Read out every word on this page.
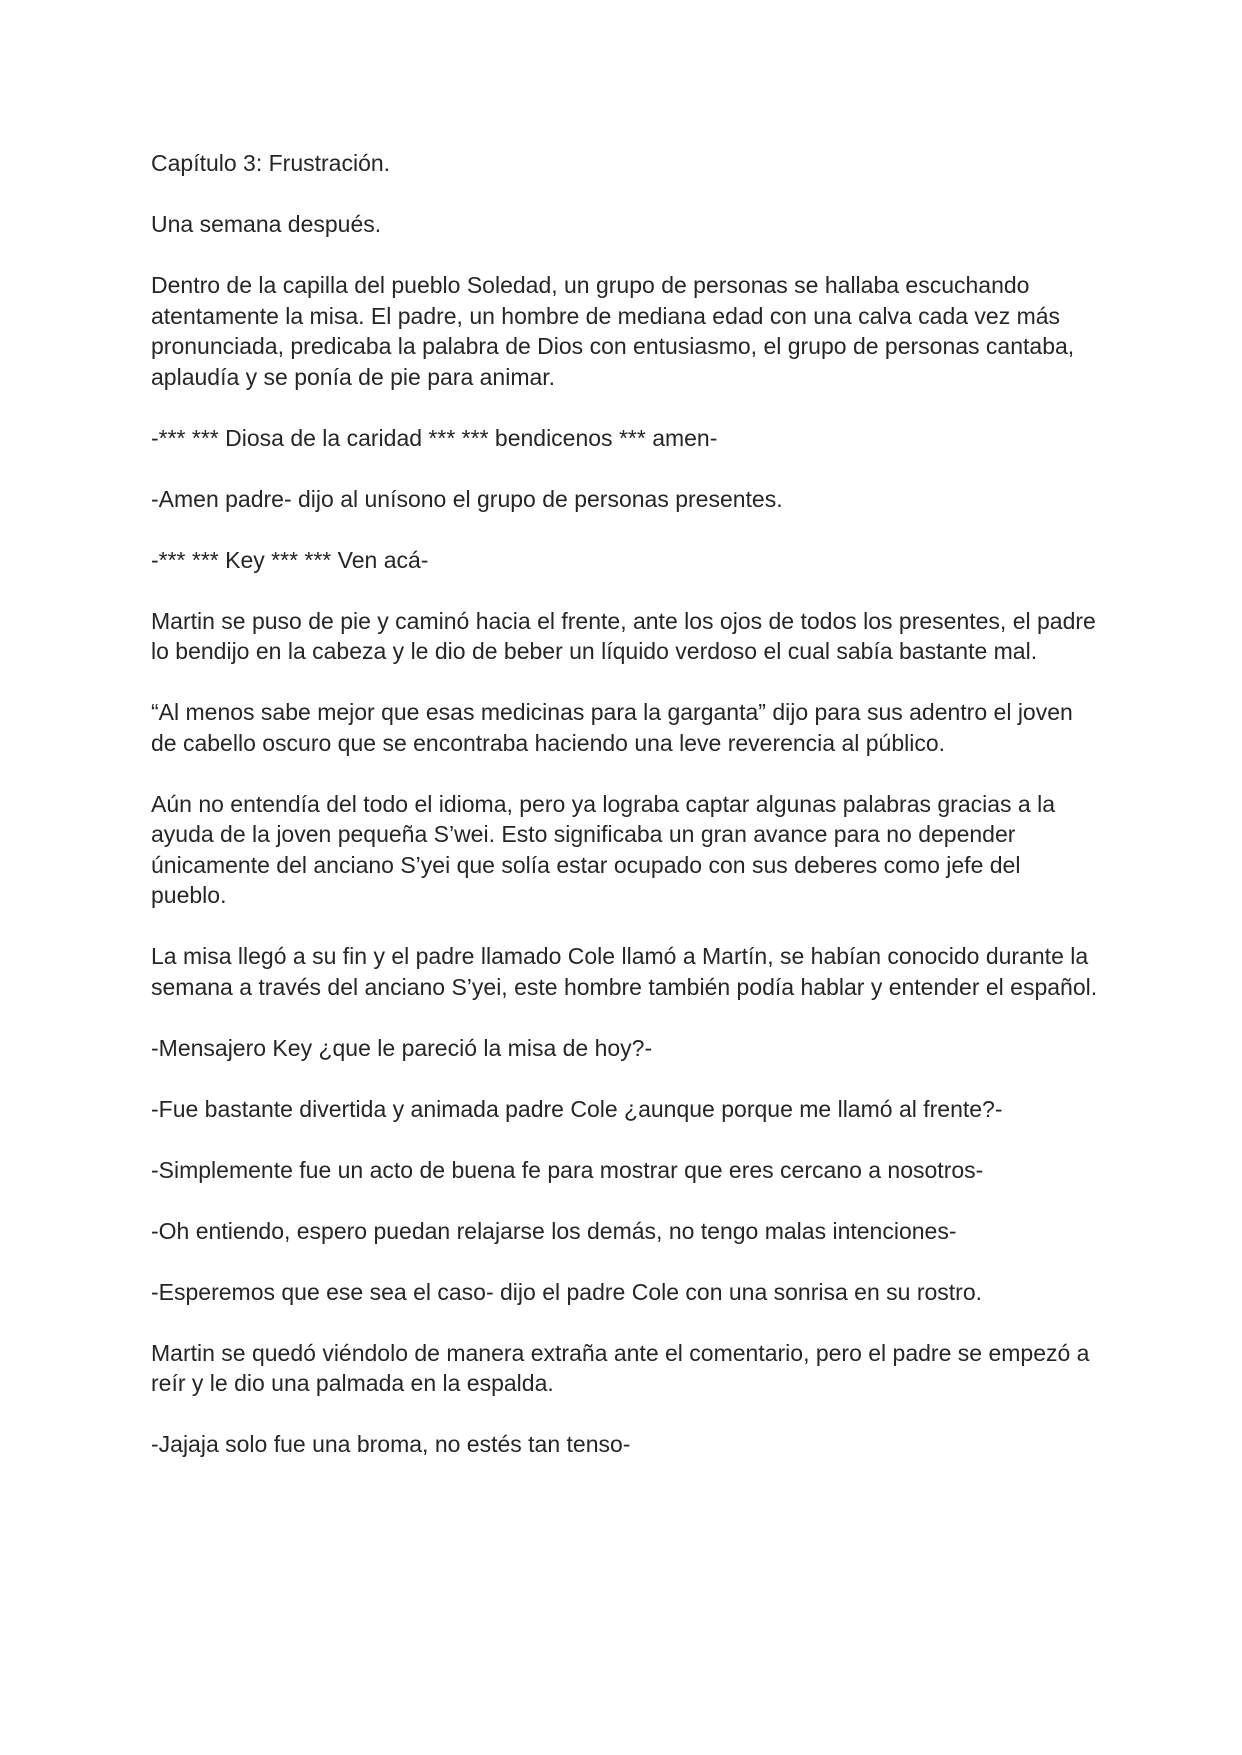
Capítulo 3: Frustración.

Una semana después.

Dentro de la capilla del pueblo Soledad, un grupo de personas se hallaba escuchando atentamente la misa. El padre, un hombre de mediana edad con una calva cada vez más pronunciada, predicaba la palabra de Dios con entusiasmo, el grupo de personas cantaba, aplaudía y se ponía de pie para animar.

-*** *** Diosa de la caridad *** *** bendicenos *** amen-

-Amen padre- dijo al unísono el grupo de personas presentes.

-*** *** Key *** *** Ven acá-

Martin se puso de pie y caminó hacia el frente, ante los ojos de todos los presentes, el padre lo bendijo en la cabeza y le dio de beber un líquido verdoso el cual sabía bastante mal.

“Al menos sabe mejor que esas medicinas para la garganta” dijo para sus adentro el joven de cabello oscuro que se encontraba haciendo una leve reverencia al público.

Aún no entendía del todo el idioma, pero ya lograba captar algunas palabras gracias a la ayuda de la joven pequeña S’wei. Esto significaba un gran avance para no depender únicamente del anciano S’yei que solía estar ocupado con sus deberes como jefe del pueblo.

La misa llegó a su fin y el padre llamado Cole llamó a Martín, se habían conocido durante la semana a través del anciano S’yei, este hombre también podía hablar y entender el español.

-Mensajero Key ¿que le pareció la misa de hoy?-

-Fue bastante divertida y animada padre Cole ¿aunque porque me llamó al frente?-

-Simplemente fue un acto de buena fe para mostrar que eres cercano a nosotros-

-Oh entiendo, espero puedan relajarse los demás, no tengo malas intenciones-

-Esperemos que ese sea el caso- dijo el padre Cole con una sonrisa en su rostro.

Martin se quedó viéndolo de manera extraña ante el comentario, pero el padre se empezó a reír y le dio una palmada en la espalda.

-Jajaja solo fue una broma, no estés tan tenso-
